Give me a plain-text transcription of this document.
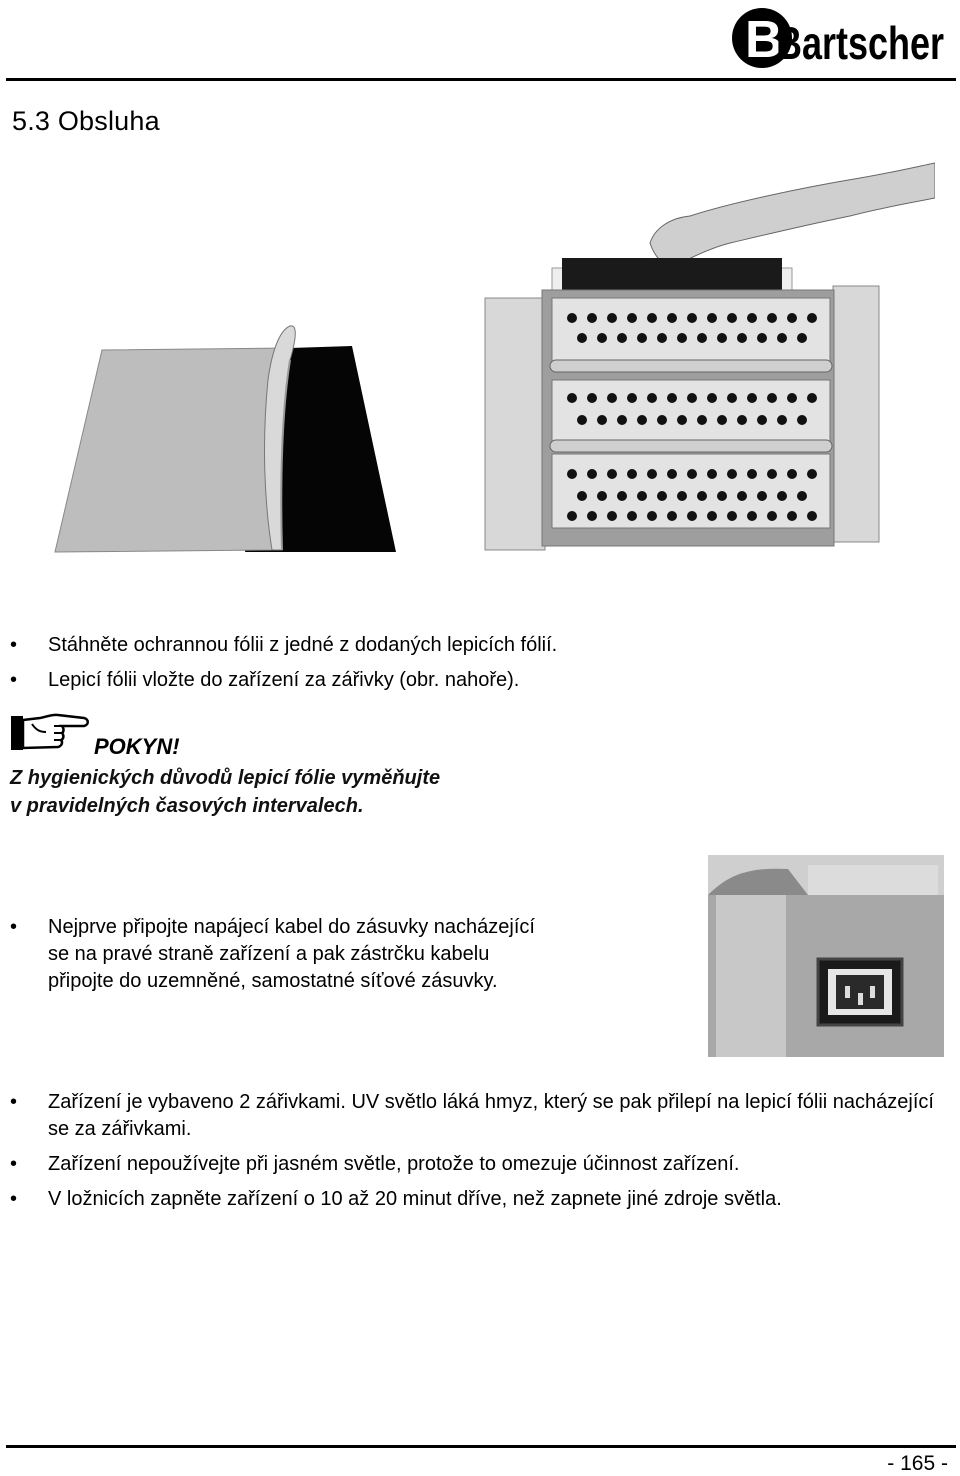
B
Bartscher
5.3 Obsluha
• Stáhněte ochrannou fólii z jedné z dodaných lepicích fólií.
• Lepicí fólii vložte do zařízení za zářivky (obr. nahoře).
POKYN!
Z hygienických důvodů lepicí fólie vyměňujte
v pravidelných časových intervalech.
• Nejprve připojte napájecí kabel do zásuvky nacházející
se na pravé straně zařízení a pak zástrčku kabelu
připojte do uzemněné, samostatné síťové zásuvky.
• Zařízení je vybaveno 2 zářivkami. UV světlo láká hmyz, který se pak přilepí na lepicí fólii nacházející se za zářivkami.
• Zařízení nepoužívejte při jasném světle, protože to omezuje účinnost zařízení.
• V ložnicích zapněte zařízení o 10 až 20 minut dříve, než zapnete jiné zdroje světla.
- 165 -
